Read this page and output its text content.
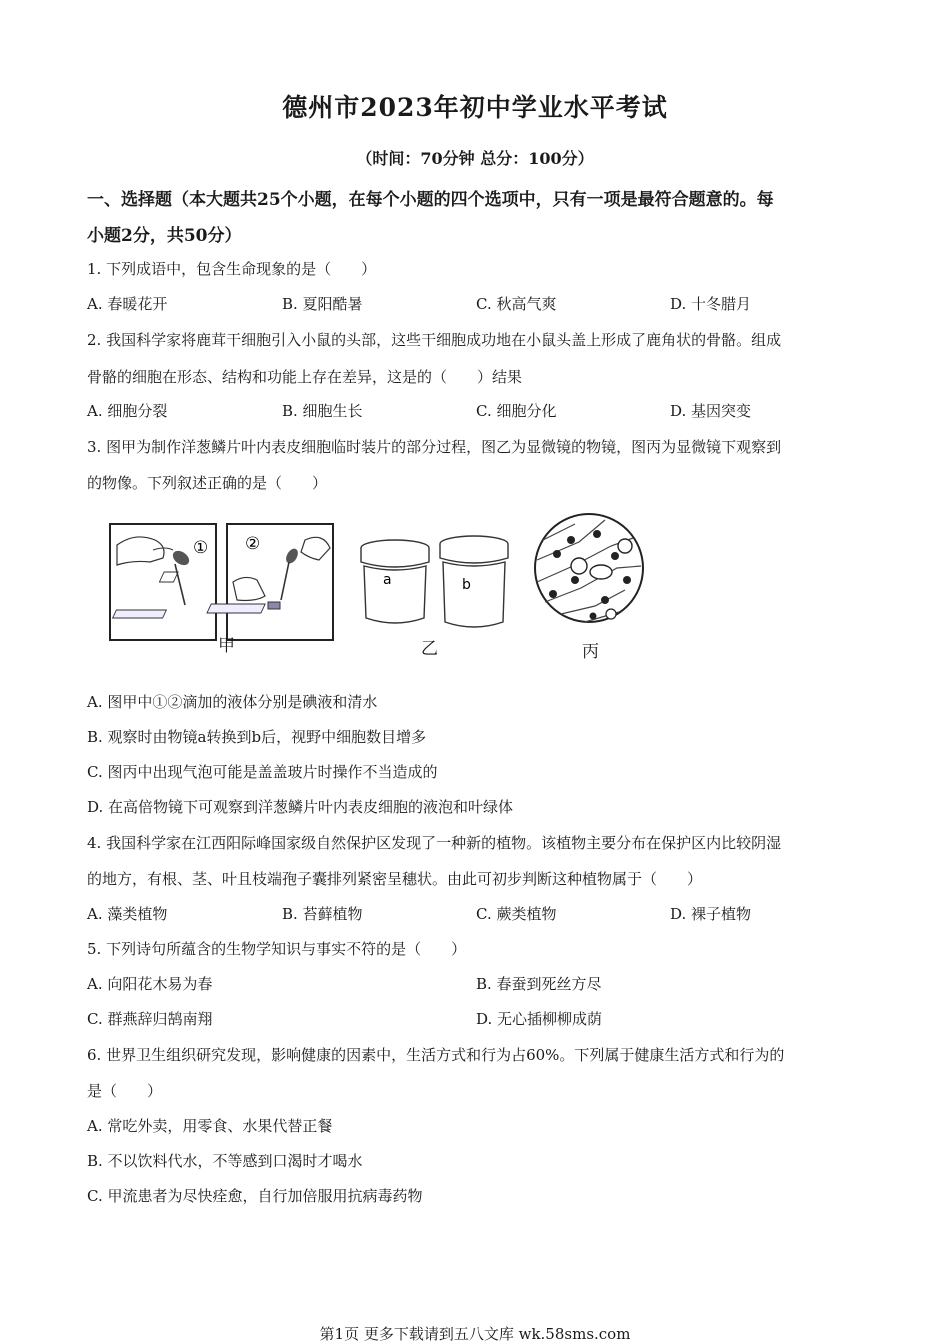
德州市2023年初中学业水平考试
（时间：70分钟 总分：100分）
一、选择题（本大题共25个小题，在每个小题的四个选项中，只有一项是最符合题意的。每
小题2分，共50分）
1. 下列成语中，包含生命现象的是（　　）
A. 春暖花开	B. 夏阳酷暑	C. 秋高气爽	D. 十冬腊月
2. 我国科学家将鹿茸干细胞引入小鼠的头部，这些干细胞成功地在小鼠头盖上形成了鹿角状的骨骼。组成
骨骼的细胞在形态、结构和功能上存在差异，这是的（　　）结果
A. 细胞分裂	B. 细胞生长	C. 细胞分化	D. 基因突变
3. 图甲为制作洋葱鳞片叶内表皮细胞临时装片的部分过程，图乙为显微镜的物镜，图丙为显微镜下观察到
的物像。下列叙述正确的是（　　）
① ②
a	b
甲	乙	丙
A. 图甲中①②滴加的液体分别是碘液和清水
B. 观察时由物镜a转换到b后，视野中细胞数目增多
C. 图丙中出现气泡可能是盖盖玻片时操作不当造成的
D. 在高倍物镜下可观察到洋葱鳞片叶内表皮细胞的液泡和叶绿体
4. 我国科学家在江西阳际峰国家级自然保护区发现了一种新的植物。该植物主要分布在保护区内比较阴湿
的地方，有根、茎、叶且枝端孢子囊排列紧密呈穗状。由此可初步判断这种植物属于（　　）
A. 藻类植物	B. 苔藓植物	C. 蕨类植物	D. 裸子植物
5. 下列诗句所蕴含的生物学知识与事实不符的是（　　）
A. 向阳花木易为春	B. 春蚕到死丝方尽
C. 群燕辞归鹄南翔	D. 无心插柳柳成荫
6. 世界卫生组织研究发现，影响健康的因素中，生活方式和行为占60%。下列属于健康生活方式和行为的
是（　　）
A. 常吃外卖，用零食、水果代替正餐
B. 不以饮料代水，不等感到口渴时才喝水
C. 甲流患者为尽快痊愈，自行加倍服用抗病毒药物
第1页 更多下载请到五八文库 wk.58sms.com
